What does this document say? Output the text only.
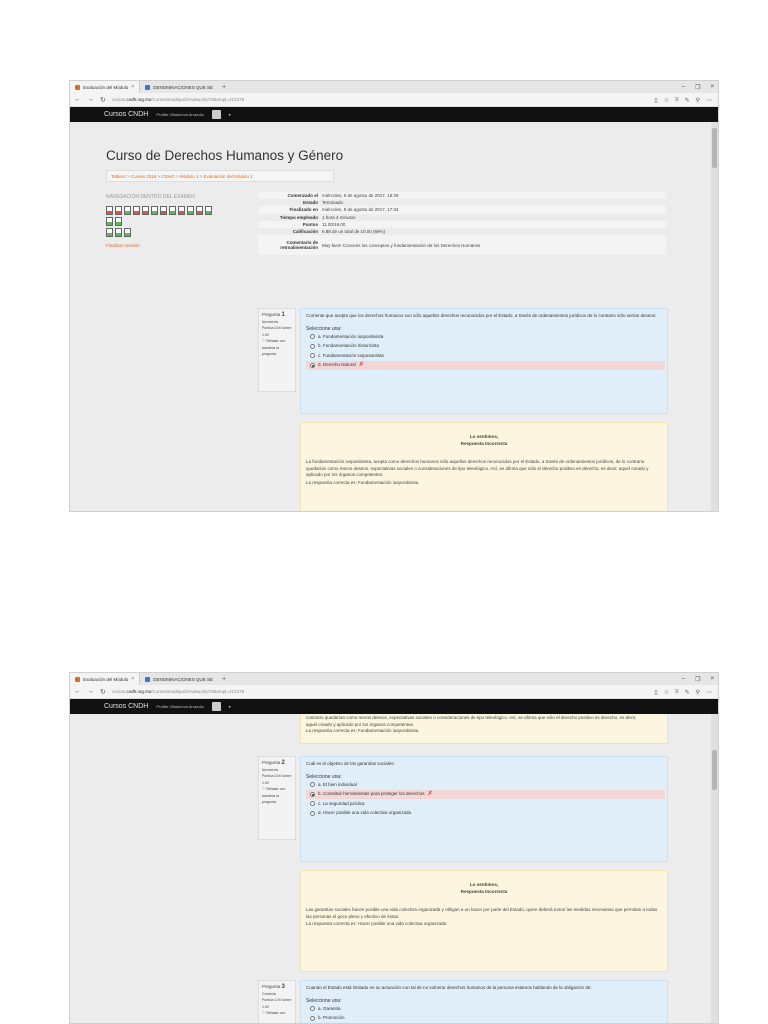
Evaluación del Módulo ×	DENOMINACIONES QUE SE	+	– ❐ ×
← → ↻ cursos.cndh.org.mx/Cursos/mod/quiz/review.php?attempt=421378	▯ ☆ ≡ ✎ ⚲ ⋯
Cursos CNDH Profilis Villanueva Arrazola	▾
Curso de Derechos Humanos y Género
Tablero > Cursos 2016 > CDHG > Módulo 1 > Evaluación del Módulo 1
NAVEGACIÓN DENTRO DEL EXAMEN
Finalizar revisión
Comenzado el	miércoles, 9 de agosto de 2017, 16:29
Estado	Terminado
Finalizado en	miércoles, 9 de agosto de 2017, 17:34
Tiempo empleado	1 hora 4 minutos
Puntos	11.00/16.00
Calificación	6.88 de un total de 10.00 (69%)
Comentario de retroalimentación	Muy bien! Conoces los conceptos y fundamentación de los Derechos Humanos
Pregunta 1
Incorrecta
Puntúa 0.00 sobre 1.00
⚐ Señalar con bandera la pregunta
Corriente que acepta que los derechos humanos son sólo aquellos derechos reconocidos por el Estado, a través de ordenamientos jurídicos de lo contrario sólo serían deseos:
Seleccione una:
a. Fundamentación iuspositivista
b. Fundamentación historicista
c. Fundamentación iusposantista
d. Derecho Natural ✗
Lo sentimos,
Respuesta Incorrecta

La fundamentación iuspositivista, acepta como derechos humanos sólo aquellos derechos reconocidos por el Estado, a través de ordenamientos jurídicos, de lo contrario quedarían como meros deseos, expectativas sociales o consideraciones de tipo teleológico. Así, se afirma que sólo el derecho positivo es derecho, es decir, aquel creado y aplicado por los órganos competentes.

La respuesta correcta es: Fundamentación iuspositivista

Evaluación del Módulo ×	DENOMINACIONES QUE SE	+	– ❐ ×
← → ↻ cursos.cndh.org.mx/Cursos/mod/quiz/review.php?attempt=421378	▯ ☆ ≡ ✎ ⚲ ⋯
Cursos CNDH Profilis Villanueva Arrazola	▾

contrario quedarían como meros deseos, expectativas sociales o consideraciones de tipo teleológico. Así, se afirma que sólo el derecho positivo es derecho, es decir,

aquel creado y aplicado por los órganos competentes.

La respuesta correcta es: Fundamentación iuspositivista

Pregunta 2
Incorrecta
Puntúa 0.00 sobre 1.00
⚐ Señalar con bandera la pregunta
Cuál es el objetivo de las garantías sociales:
Seleccione una:
a. El bien individual
b. Constituir herramientas para proteger los derechos ✗
c. La seguridad jurídica
d. Hacer posible una vida colectiva organizada
Lo sentimos,
Respuesta Incorrecta

Las garantías sociales hacen posible una vida colectiva organizada y obligan a un hacer por parte del Estado, quien deberá tomar las medidas necesarias que permitan a todas las personas el goce pleno y efectivo de éstas.

La respuesta correcta es: Hacer posible una vida colectiva organizada

Pregunta 3
Correcta
Puntúa 1.00 sobre 1.00
⚐ Señalar con
Cuando el Estado está limitado en su actuación con tal de no vulnerar derechos humanos de la persona estamos hablando de la obligación de:
Seleccione una:
a. Garantía
b. Promoción
